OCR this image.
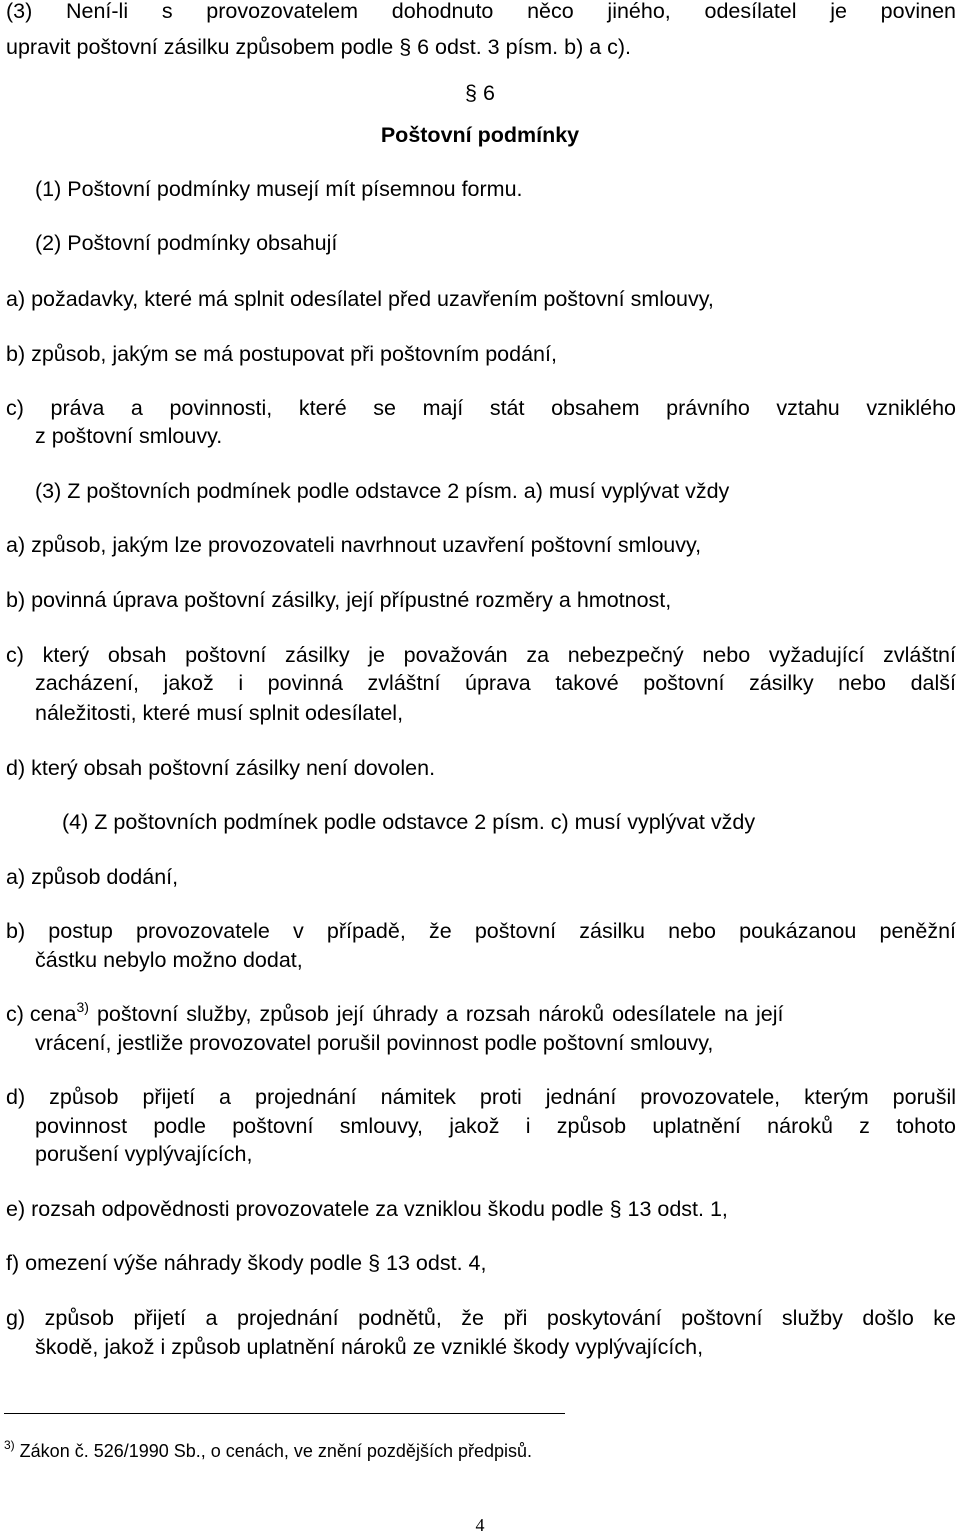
(3) Není-li s provozovatelem dohodnuto něco jiného, odesílatel je povinen

upravit poštovní zásilku způsobem podle § 6 odst. 3 písm. b) a c).

§ 6

Poštovní podmínky

(1) Poštovní podmínky musejí mít písemnou formu.

(2) Poštovní podmínky obsahují

a) požadavky, které má splnit odesílatel před uzavřením poštovní smlouvy,

b) způsob, jakým se má postupovat při poštovním podání,

c) práva a povinnosti, které se mají stát obsahem právního vztahu vzniklého

z poštovní smlouvy.

(3) Z poštovních podmínek podle odstavce 2 písm. a) musí vyplývat vždy

a) způsob, jakým lze provozovateli navrhnout uzavření poštovní smlouvy,

b) povinná úprava poštovní zásilky, její přípustné rozměry a hmotnost,

c) který obsah poštovní zásilky je považován za nebezpečný nebo vyžadující zvláštní

zacházení, jakož i povinná zvláštní úprava takové poštovní zásilky nebo další

náležitosti, které musí splnit odesílatel,

d) který obsah poštovní zásilky není dovolen.

(4) Z poštovních podmínek podle odstavce 2 písm. c) musí vyplývat vždy

a) způsob dodání,

b) postup provozovatele v případě, že poštovní zásilku nebo poukázanou peněžní

částku nebylo možno dodat,

c) cena$^{3)}$ poštovní služby, způsob její úhrady a rozsah nároků odesílatele na její

vrácení, jestliže provozovatel porušil povinnost podle poštovní smlouvy,

d) způsob přijetí a projednání námitek proti jednání provozovatele, kterým porušil

povinnost podle poštovní smlouvy, jakož i způsob uplatnění nároků z tohoto

porušení vyplývajících,

e) rozsah odpovědnosti provozovatele za vzniklou škodu podle § 13 odst. 1,

f) omezení výše náhrady škody podle § 13 odst. 4,

g) způsob přijetí a projednání podnětů, že při poskytování poštovní služby došlo ke

škodě, jakož i způsob uplatnění nároků ze vzniklé škody vyplývajících,

$^{3)}$ Zákon č. 526/1990 Sb., o cenách, ve znění pozdějších předpisů.
4
